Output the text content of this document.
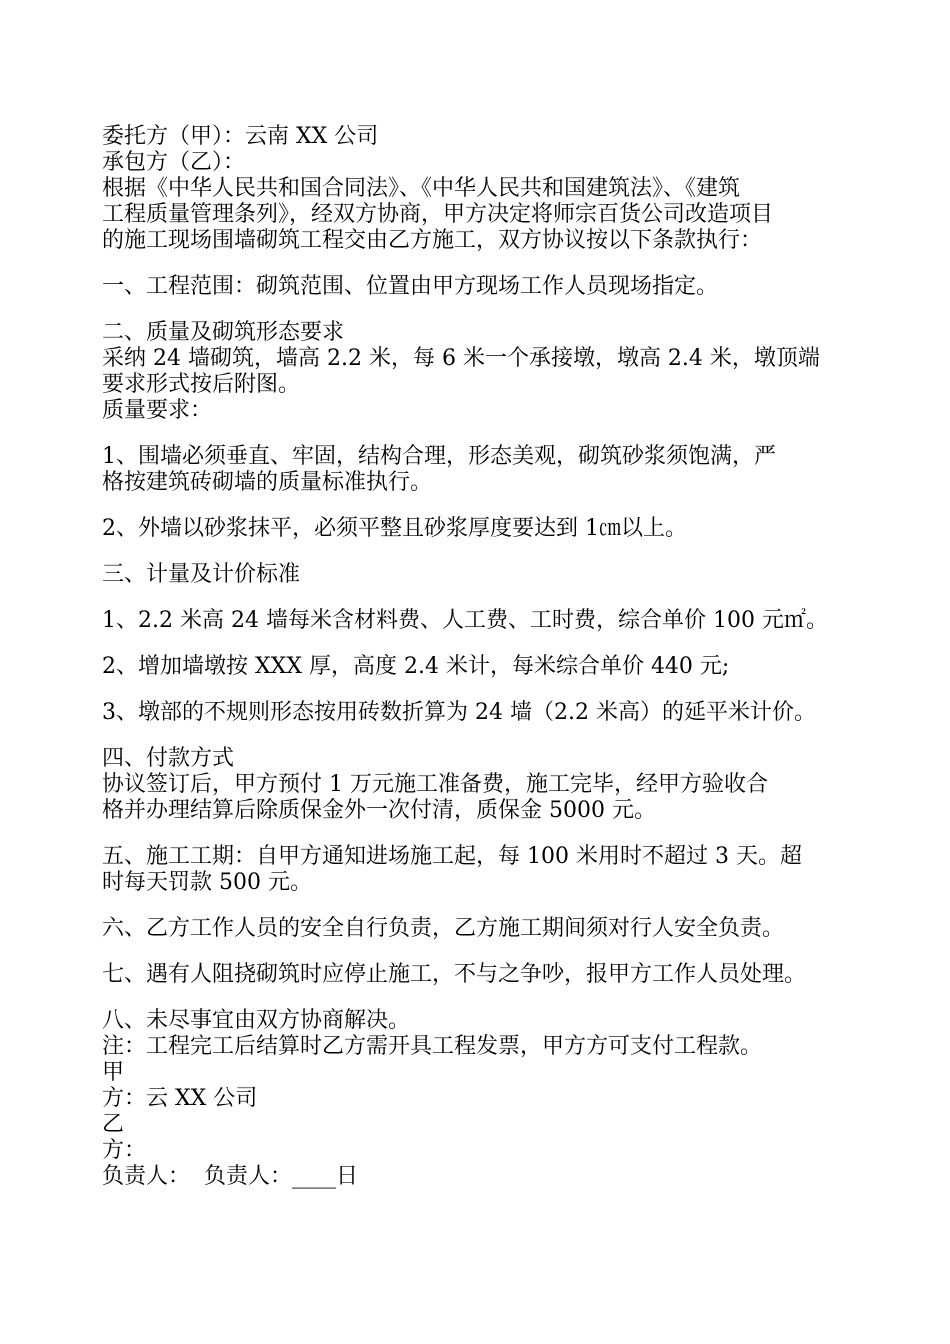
委托方（甲）：云南 XX 公司
承包方（乙）：
根据《中华人民共和国合同法》、《中华人民共和国建筑法》、《建筑
工程质量管理条列》，经双方协商，甲方决定将师宗百货公司改造项目
的施工现场围墙砌筑工程交由乙方施工，双方协议按以下条款执行：
一、工程范围：砌筑范围、位置由甲方现场工作人员现场指定。
二、质量及砌筑形态要求
采纳 24 墙砌筑，墙高 2.2 米，每 6 米一个承接墩，墩高 2.4 米，墩顶端
要求形式按后附图。
质量要求：
1、围墙必须垂直、牢固，结构合理，形态美观，砌筑砂浆须饱满，严
格按建筑砖砌墙的质量标准执行。
2、外墙以砂浆抹平，必须平整且砂浆厚度要达到 1㎝以上。
三、计量及计价标准
1、2.2 米高 24 墙每米含材料费、人工费、工时费，综合单价 100 元㎡。
2、增加墙墩按 XXX 厚，高度 2.4 米计，每米综合单价 440 元;
3、墩部的不规则形态按用砖数折算为 24 墙（2.2 米高）的延平米计价。
四、付款方式
协议签订后，甲方预付 1 万元施工准备费，施工完毕，经甲方验收合
格并办理结算后除质保金外一次付清，质保金 5000 元。
五、施工工期：自甲方通知进场施工起，每 100 米用时不超过 3 天。超
时每天罚款 500 元。
六、乙方工作人员的安全自行负责，乙方施工期间须对行人安全负责。
七、遇有人阻挠砌筑时应停止施工，不与之争吵，报甲方工作人员处理。
八、未尽事宜由双方协商解决。
注：工程完工后结算时乙方需开具工程发票，甲方方可支付工程款。
甲
方：云 XX 公司
乙
方：
负责人：  负责人：____日
